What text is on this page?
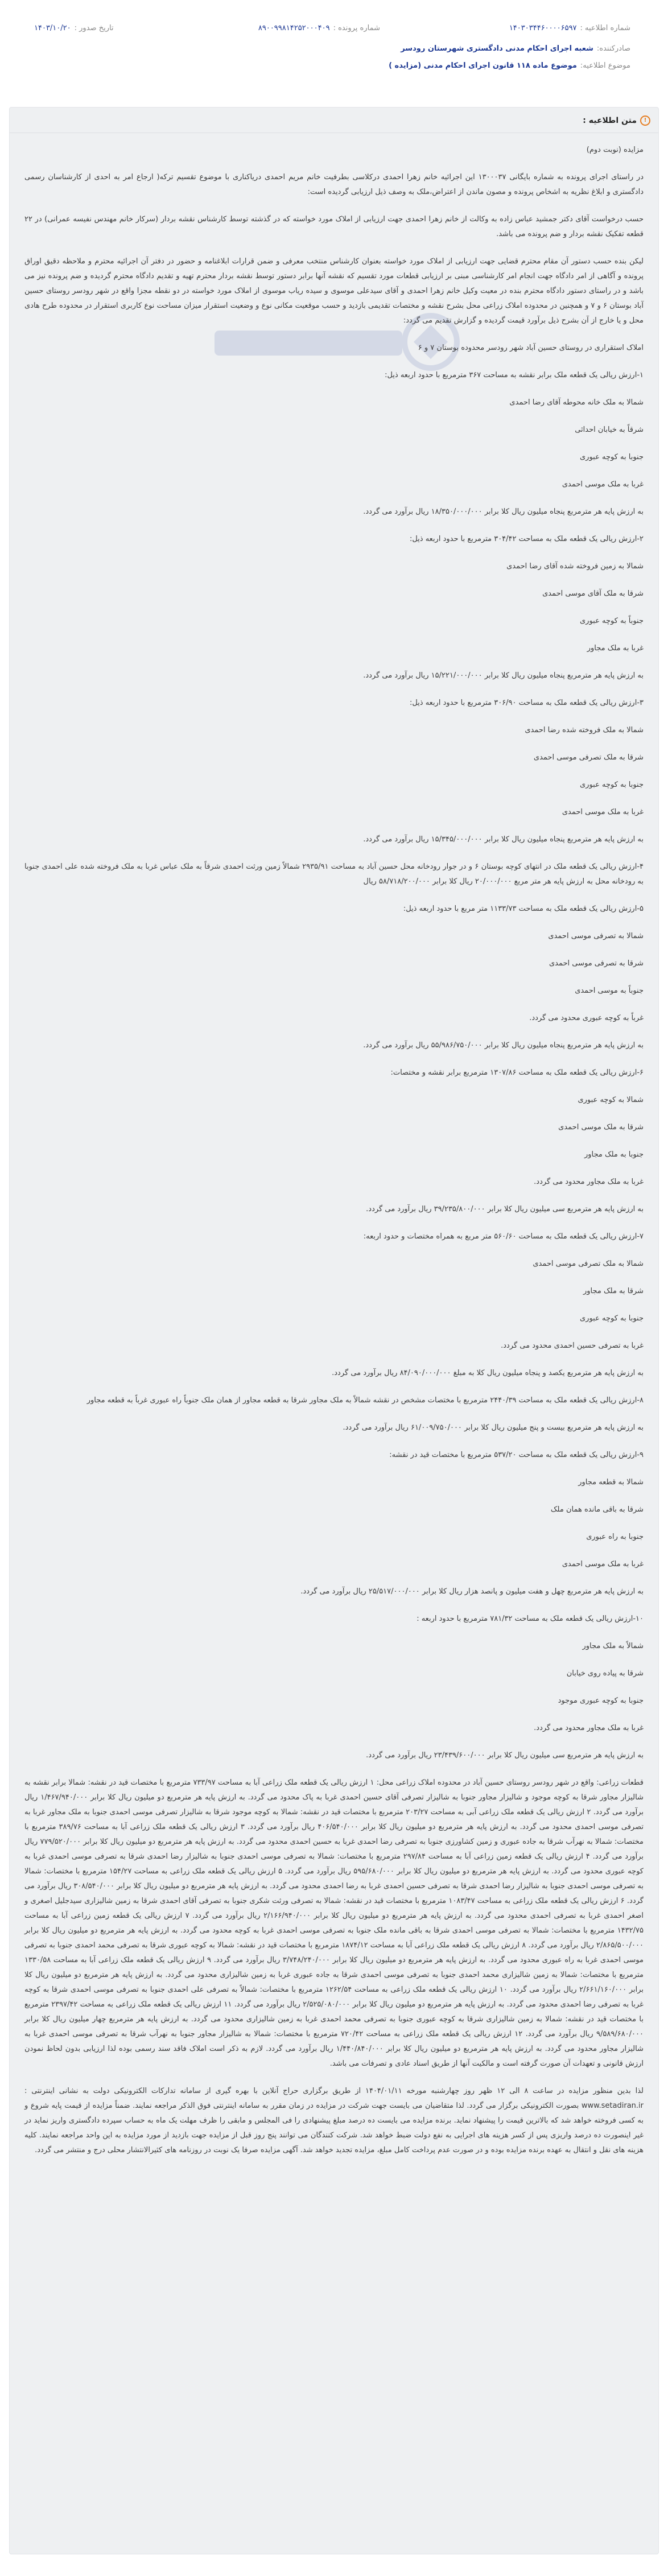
شماره اطلاعیه :۱۴۰۳۰۳۴۴۶۰۰۰۰۶۵۹۷
شماره پرونده :۸۹۰۰۹۹۸۱۴۲۵۲۰۰۰۴۰۹
تاریخ صدور :۱۴۰۳/۱۰/۲۰
صادرکننده:شعبه اجرای احکام مدنی دادگستری شهرستان رودسر
موضوع اطلاعیه:موضوع ماده ۱۱۸ قانون اجرای احکام مدنی (مزایده )
!متن اطلاعیه :

مزایده (نوبت دوم)

در راستای اجرای پرونده به شماره بایگانی ۱۳۰۰۰۳۷ این اجرائیه خانم زهرا احمدی درکلاسی بطرفیت خانم مریم احمدی دریاکناری با موضوع تقسیم ترکه( ارجاع امر به احدی از کارشناسان رسمی دادگستری و ابلاغ نظریه به اشخاص پرونده و مصون ماندن از اعتراض،ملک به وصف ذیل ارزیابی گردیده است:

حسب درخواست آقای دکتر جمشید عباس زاده به وکالت از خانم زهرا احمدی جهت ارزیابی از املاک مورد خواسته که در گذشته توسط کارشناس نقشه بردار (سرکار خانم مهندس نفیسه عمرانی) در ۲۲ قطعه تفکیک نقشه بردار و ضم پرونده می باشد.

لیکن بنده حسب دستور آن مقام محترم قضایی جهت ارزیابی از املاک مورد خواسته بعنوان کارشناس منتخب معرفی و ضمن قرارات ابلاغنامه و حضور در دفتر آن اجرائیه محترم و ملاحظه دقیق اوراق پرونده و آگاهی از امر دادگاه جهت انجام امر کارشناسی مبنی بر ارزیابی قطعات مورد تقسیم که نقشه آنها برابر دستور توسط نقشه بردار محترم تهیه و تقدیم دادگاه محترم گردیده و ضم پرونده نیز می باشد و در راستای دستور دادگاه محترم بنده در معیت وکیل خانم زهرا احمدی و آقای سیدعلی موسوی و سیده ریاب موسوی از املاک مورد خواسته در دو نقطه مجزا واقع در شهر رودسر روستای حسین آباد بوستان ۶ و ۷ و همچنین در محدوده املاک زراعی محل بشرح نقشه و مختصات تقدیمی بازدید و حسب موقعیت مکانی نوع و وضعیت استقرار میزان مساحت نوع کاربری استقرار در محدوده طرح هادی محل و یا خارج از آن بشرح ذیل برآورد قیمت گردیده و گزارش تقدیم می گردد:

املاک استقراری در روستای حسین آباد شهر رودسر محدوده بوستان ۷ و ۶

۱-ارزش ریالی یک قطعه ملک برابر نقشه به مساحت ۳۶۷ مترمربع با حدود اربعه ذیل:

شمالا به ملک خانه محوطه آقای رضا احمدی

شرقاً به خیابان احداثی

جنوبا به کوچه عبوری

غربا به ملک موسی احمدی

به ارزش پایه هر مترمربع پنجاه میلیون ریال کلا برابر ۱۸/۳۵۰/۰۰۰/۰۰۰ ریال برآورد می گردد.

۲-ارزش ریالی یک قطعه ملک به مساحت ۳۰۴/۴۲ مترمربع با حدود اربعه ذیل:

شمالا به زمین فروخته شده آقای رضا احمدی

شرقا به ملک آقای موسی احمدی

جنوباً به کوچه عبوری

غربا به ملک مجاور

به ارزش پایه هر مترمربع پنجاه میلیون ریال کلا برابر ۱۵/۲۲۱/۰۰۰/۰۰۰ ریال برآورد می گردد.

۳-ارزش ریالی یک قطعه ملک به مساحت ۳۰۶/۹۰ مترمربع با حدود اربعه ذیل:

شمالا به ملک فروخته شده رضا احمدی

شرقا به ملک تصرفی موسی احمدی

جنوبا به کوچه عبوری

غربا به ملک موسی احمدی

به ارزش پایه هر مترمربع پنجاه میلیون ریال کلا برابر ۱۵/۳۴۵/۰۰۰/۰۰۰ ریال برآورد می گردد.

۴-ارزش ریالی یک قطعه ملک در انتهای کوچه بوستان ۶ و در جوار رودخانه محل حسین آباد به مساحت ۲۹۳۵/۹۱ شمالاً زمین ورثت احمدی شرقاً به ملک عباس غربا به ملک فروخته شده علی احمدی جنوبا به رودخانه محل به ارزش پایه هر متر مربع ۲۰/۰۰۰/۰۰۰ ریال کلا برابر ۵۸/۷۱۸/۲۰۰/۰۰۰ ریال

۵-ارزش ریالی یک قطعه ملک به مساحت ۱۱۳۳/۷۳ متر مربع با حدود اربعه ذیل:

شمالا به تصرفی موسی احمدی

شرقا به تصرفی موسی احمدی

جنوباً به موسی احمدی

غرباً به کوچه عبوری محدود می گردد.

به ارزش پایه هر مترمربع پنجاه میلیون ریال کلا برابر ۵۵/۹۸۶/۷۵۰/۰۰۰ ریال برآورد می گردد.

۶-ارزش ریالی یک قطعه ملک به مساحت ۱۳۰۷/۸۶ مترمربع برابر نقشه و مختصات:

شمالا به کوچه عبوری

شرقا به ملک موسی احمدی

جنوبا به ملک مجاور

غربا به ملک مجاور محدود می گردد.

به ارزش پایه هر مترمربع سی میلیون ریال کلا برابر ۳۹/۲۳۵/۸۰۰/۰۰۰ ریال برآورد می گردد.

۷-ارزش ریالی یک قطعه ملک به مساحت ۵۶۰/۶۰ متر مربع به همراه مختصات و حدود اربعه:

شمالا به ملک تصرفی موسی احمدی

شرقا به ملک مجاور

جنوبا به کوچه عبوری

غربا به تصرفی حسین احمدی محدود می گردد.

به ارزش پایه هر مترمربع یکصد و پنجاه میلیون ریال کلا به مبلغ ۸۴/۰۹۰/۰۰۰/۰۰۰ ریال برآورد می گردد.

۸-ارزش ریالی یک قطعه ملک به مساحت ۲۴۴۰/۳۹ مترمربع با مختصات مشخص در نقشه شمالاً به ملک مجاور شرقا به قطعه مجاور از همان ملک جنوباً راه عبوری غرباً به قطعه مجاور

به ارزش پایه هر مترمربع بیست و پنج میلیون ریال کلا برابر ۶۱/۰۰۹/۷۵۰/۰۰۰ ریال برآورد می گردد.

۹-ارزش ریالی یک قطعه ملک به مساحت ۵۳۷/۲۰ مترمربع با مختصات قید در نقشه:

شمالا به قطعه مجاور

شرقا به باقی مانده همان ملک

جنوبا به راه عبوری

غربا به ملک موسی احمدی

به ارزش پایه هر مترمربع چهل و هفت میلیون و پانصد هزار ریال کلا برابر ۲۵/۵۱۷/۰۰۰/۰۰۰ ریال برآورد می گردد.

۱۰-ارزش ریالی یک قطعه ملک به مساحت ۷۸۱/۳۲ مترمربع با حدود اربعه :

شمالاً به ملک مجاور

شرقا به پیاده روی خیابان

جنوبا به کوچه عبوری موجود

غربا به ملک مجاور محدود می گردد.

به ارزش پایه هر مترمربع سی میلیون ریال کلا برابر ۲۳/۴۳۹/۶۰۰/۰۰۰ ریال برآورد می گردد.

قطعات زراعی: واقع در شهر رودسر روستای حسین آباد در محدوده املاک زراعی محل: ۱ ارزش ریالی یک قطعه ملک زراعی آبا به مساحت ۷۳۳/۹۷ مترمربع با مختصات قید در نقشه: شمالا برابر نقشه به شالیزار مجاور شرقا به کوچه موجود و شالیزار مجاور جنوبا به شالیزار تصرفی آقای حسین احمدی غربا به پاک محدود می گردد. به ارزش پایه هر مترمربع دو میلیون ریال کلا برابر ۱/۴۶۷/۹۴۰/۰۰۰ ریال برآورد می گردد. ۲ ارزش ریالی یک قطعه ملک زراعی آبی به مساحت ۲۰۳/۲۷ مترمربع با مختصات قید در نقشه: شمالا به کوچه موجود شرقا به شالیزار تصرفی موسی احمدی جنوبا به ملک مجاور غربا به تصرفی موسی احمدی محدود می گردد. به ارزش پایه هر مترمربع دو میلیون ریال کلا برابر ۴۰۶/۵۴۰/۰۰۰ ریال برآورد می گردد. ۳ ارزش ریالی یک قطعه ملک زراعی آبا به مساحت ۳۸۹/۷۶ مترمربع با مختصات: شمالا به نهرآب شرقا به جاده عبوری و زمین کشاورزی جنوبا به تصرفی رضا احمدی غربا به حسین احمدی محدود می گردد. به ارزش پایه هر مترمربع دو میلیون ریال کلا برابر ۷۷۹/۵۲۰/۰۰۰ ریال برآورد می گردد. ۴ ارزش ریالی یک قطعه زمین زراعی آبا به مساحت ۲۹۷/۸۴ مترمربع با مختصات: شمالا به تصرفی موسی احمدی جنوبا به شالیزار رضا احمدی شرقا به تصرفی موسی احمدی غربا به کوچه عبوری محدود می گردد. به ارزش پایه هر مترمربع دو میلیون ریال کلا برابر ۵۹۵/۶۸۰/۰۰۰ ریال برآورد می گردد. ۵ ارزش ریالی یک قطعه ملک زراعی به مساحت ۱۵۴/۲۷ مترمربع با مختصات: شمالا به تصرفی موسی احمدی جنوبا به شالیزار رضا احمدی شرقا به تصرفی حسین احمدی غربا به رضا احمدی محدود می گردد. به ارزش پایه هر مترمربع دو میلیون ریال کلا برابر ۳۰۸/۵۴۰/۰۰۰ ریال برآورد می گردد. ۶ ارزش ریالی یک قطعه ملک زراعی به مساحت ۱۰۸۳/۴۷ مترمربع با مختصات قید در نقشه: شمالا به تصرفی ورثت شکری جنوبا به تصرفی آقای احمدی شرقا به زمین شالیزاری سیدجلیل اصغری و اصغر احمدی غربا به تصرفی احمدی محدود می گردد. به ارزش پایه هر مترمربع دو میلیون ریال کلا برابر ۲/۱۶۶/۹۴۰/۰۰۰ ریال برآورد می گردد. ۷ ارزش ریالی یک قطعه زمین زراعی آبا به مساحت ۱۴۳۲/۷۵ مترمربع با مختصات: شمالا به تصرفی موسی احمدی شرقا به باقی مانده ملک جنوبا به تصرفی موسی احمدی غربا به کوچه محدود می گردد. به ارزش پایه هر مترمربع دو میلیون ریال کلا برابر ۲/۸۶۵/۵۰۰/۰۰۰ ریال برآورد می گردد. ۸ ارزش ریالی یک قطعه ملک زراعی آبا به مساحت ۱۸۷۴/۱۲ مترمربع با مختصات قید در نقشه: شمالا به کوچه عبوری شرقا به تصرفی محمد احمدی جنوبا به تصرفی موسی احمدی غربا به راه عبوری محدود می گردد. به ارزش پایه هر مترمربع دو میلیون ریال کلا برابر ۳/۷۴۸/۲۴۰/۰۰۰ ریال برآورد می گردد. ۹ ارزش ریالی یک قطعه ملک زراعی آبا به مساحت ۱۳۳۰/۵۸ مترمربع با مختصات: شمالا به زمین شالیزاری محمد احمدی جنوبا به تصرفی موسی احمدی شرقا به جاده عبوری غربا به زمین شالیزاری محدود می گردد. به ارزش پایه هر مترمربع دو میلیون ریال کلا برابر ۲/۶۶۱/۱۶۰/۰۰۰ ریال برآورد می گردد. ۱۰ ارزش ریالی یک قطعه ملک زراعی به مساحت ۱۲۶۲/۵۴ مترمربع با مختصات: شمالاً به تصرفی علی احمدی جنوبا به تصرفی موسی احمدی شرقا به کوچه غربا به تصرفی رضا احمدی محدود می گردد. به ارزش پایه هر مترمربع دو میلیون ریال کلا برابر ۲/۵۲۵/۰۸۰/۰۰۰ ریال برآورد می گردد. ۱۱ ارزش ریالی یک قطعه ملک زراعی به مساحت ۲۳۹۷/۴۲ مترمربع با مختصات قید در نقشه: شمالا به زمین شالیزاری شرقا به کوچه عبوری جنوبا به تصرفی محمد احمدی غربا به زمین شالیزاری محدود می گردد. به ارزش پایه هر مترمربع چهار میلیون ریال کلا برابر ۹/۵۸۹/۶۸۰/۰۰۰ ریال برآورد می گردد. ۱۲ ارزش ریالی یک قطعه ملک زراعی به مساحت ۷۲۰/۴۲ مترمربع با مختصات: شمالا به شالیزار مجاور جنوبا به نهرآب شرقا به تصرفی موسی احمدی غربا به شالیزار مجاور محدود می گردد. به ارزش پایه هر مترمربع دو میلیون ریال کلا برابر ۱/۴۴۰/۸۴۰/۰۰۰ ریال برآورد می گردد. لازم به ذکر است املاک فاقد سند رسمی بوده لذا ارزیابی بدون لحاظ نمودن ارزش قانونی و تعهدات آن صورت گرفته است و مالکیت آنها از طریق اسناد عادی و تصرفات می باشد.

لذا بدین منظور مزایده در ساعت ۸ الی ۱۲ ظهر روز چهارشنبه مورخه ۱۴۰۴/۰۱/۱۱ از طریق برگزاری حراج آنلاین با بهره گیری از سامانه تدارکات الکترونیکی دولت به نشانی اینترنتی : www.setadiran.ir بصورت الکترونیکی برگزار می گردد. لذا متقاضیان می بایست جهت شرکت در مزایده در زمان مقرر به سامانه اینترنتی فوق الذکر مراجعه نمایند. ضمناً مزایده از قیمت پایه شروع و به کسی فروخته خواهد شد که بالاترین قیمت را پیشنهاد نماید. برنده مزایده می بایست ده درصد مبلغ پیشنهادی را فی المجلس و مابقی را ظرف مهلت یک ماه به حساب سپرده دادگستری واریز نماید در غیر اینصورت ده درصد واریزی پس از کسر هزینه های اجرایی به نفع دولت ضبط خواهد شد. شرکت کنندگان می توانند پنج روز قبل از مزایده جهت بازدید از مورد مزایده به این واحد مراجعه نمایند. کلیه هزینه های نقل و انتقال به عهده برنده مزایده بوده و در صورت عدم پرداخت کامل مبلغ، مزایده تجدید خواهد شد. آگهی مزایده صرفا یک نوبت در روزنامه های کثیرالانتشار محلی درج و منتشر می گردد.
